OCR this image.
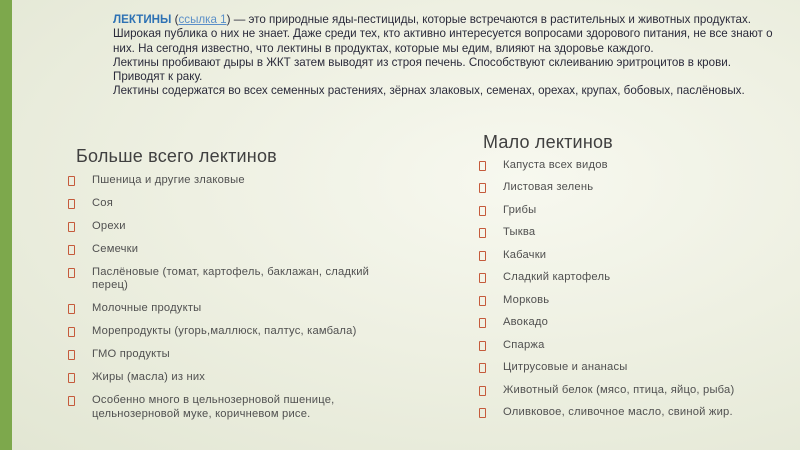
ЛЕКТИНЫ (ссылка 1) — это природные яды-пестициды, которые встречаются в растительных и животных продуктах. Широкая публика о них не знает. Даже среди тех, кто активно интересуется вопросами здорового питания, не все знают о них. На сегодня известно, что лектины в продуктах, которые мы едим, влияют на здоровье каждого.

Лектины пробивают дыры в ЖКТ затем выводят из строя печень. Способствуют склеиванию эритроцитов в крови. Приводят к раку.

Лектины содержатся во всех семенных растениях, зёрнах злаковых, семенах, орехах, крупах, бобовых, паслёновых.

Больше всего лектинов
Пшеница и другие злаковые
Соя
Орехи
Семечки
Паслёновые (томат, картофель, баклажан, сладкий перец)
Молочные продукты
Морепродукты (угорь,маллюск, палтус, камбала)
ГМО продукты
Жиры (масла) из них
Особенно много в цельнозерновой пшенице, цельнозерновой муке, коричневом рисе.
Мало лектинов
Капуста всех видов
Листовая зелень
Грибы
Тыква
Кабачки
Сладкий картофель
Морковь
Авокадо
Спаржа
Цитрусовые и ананасы
Животный белок (мясо, птица, яйцо, рыба)
Оливковое, сливочное масло, свиной жир.
